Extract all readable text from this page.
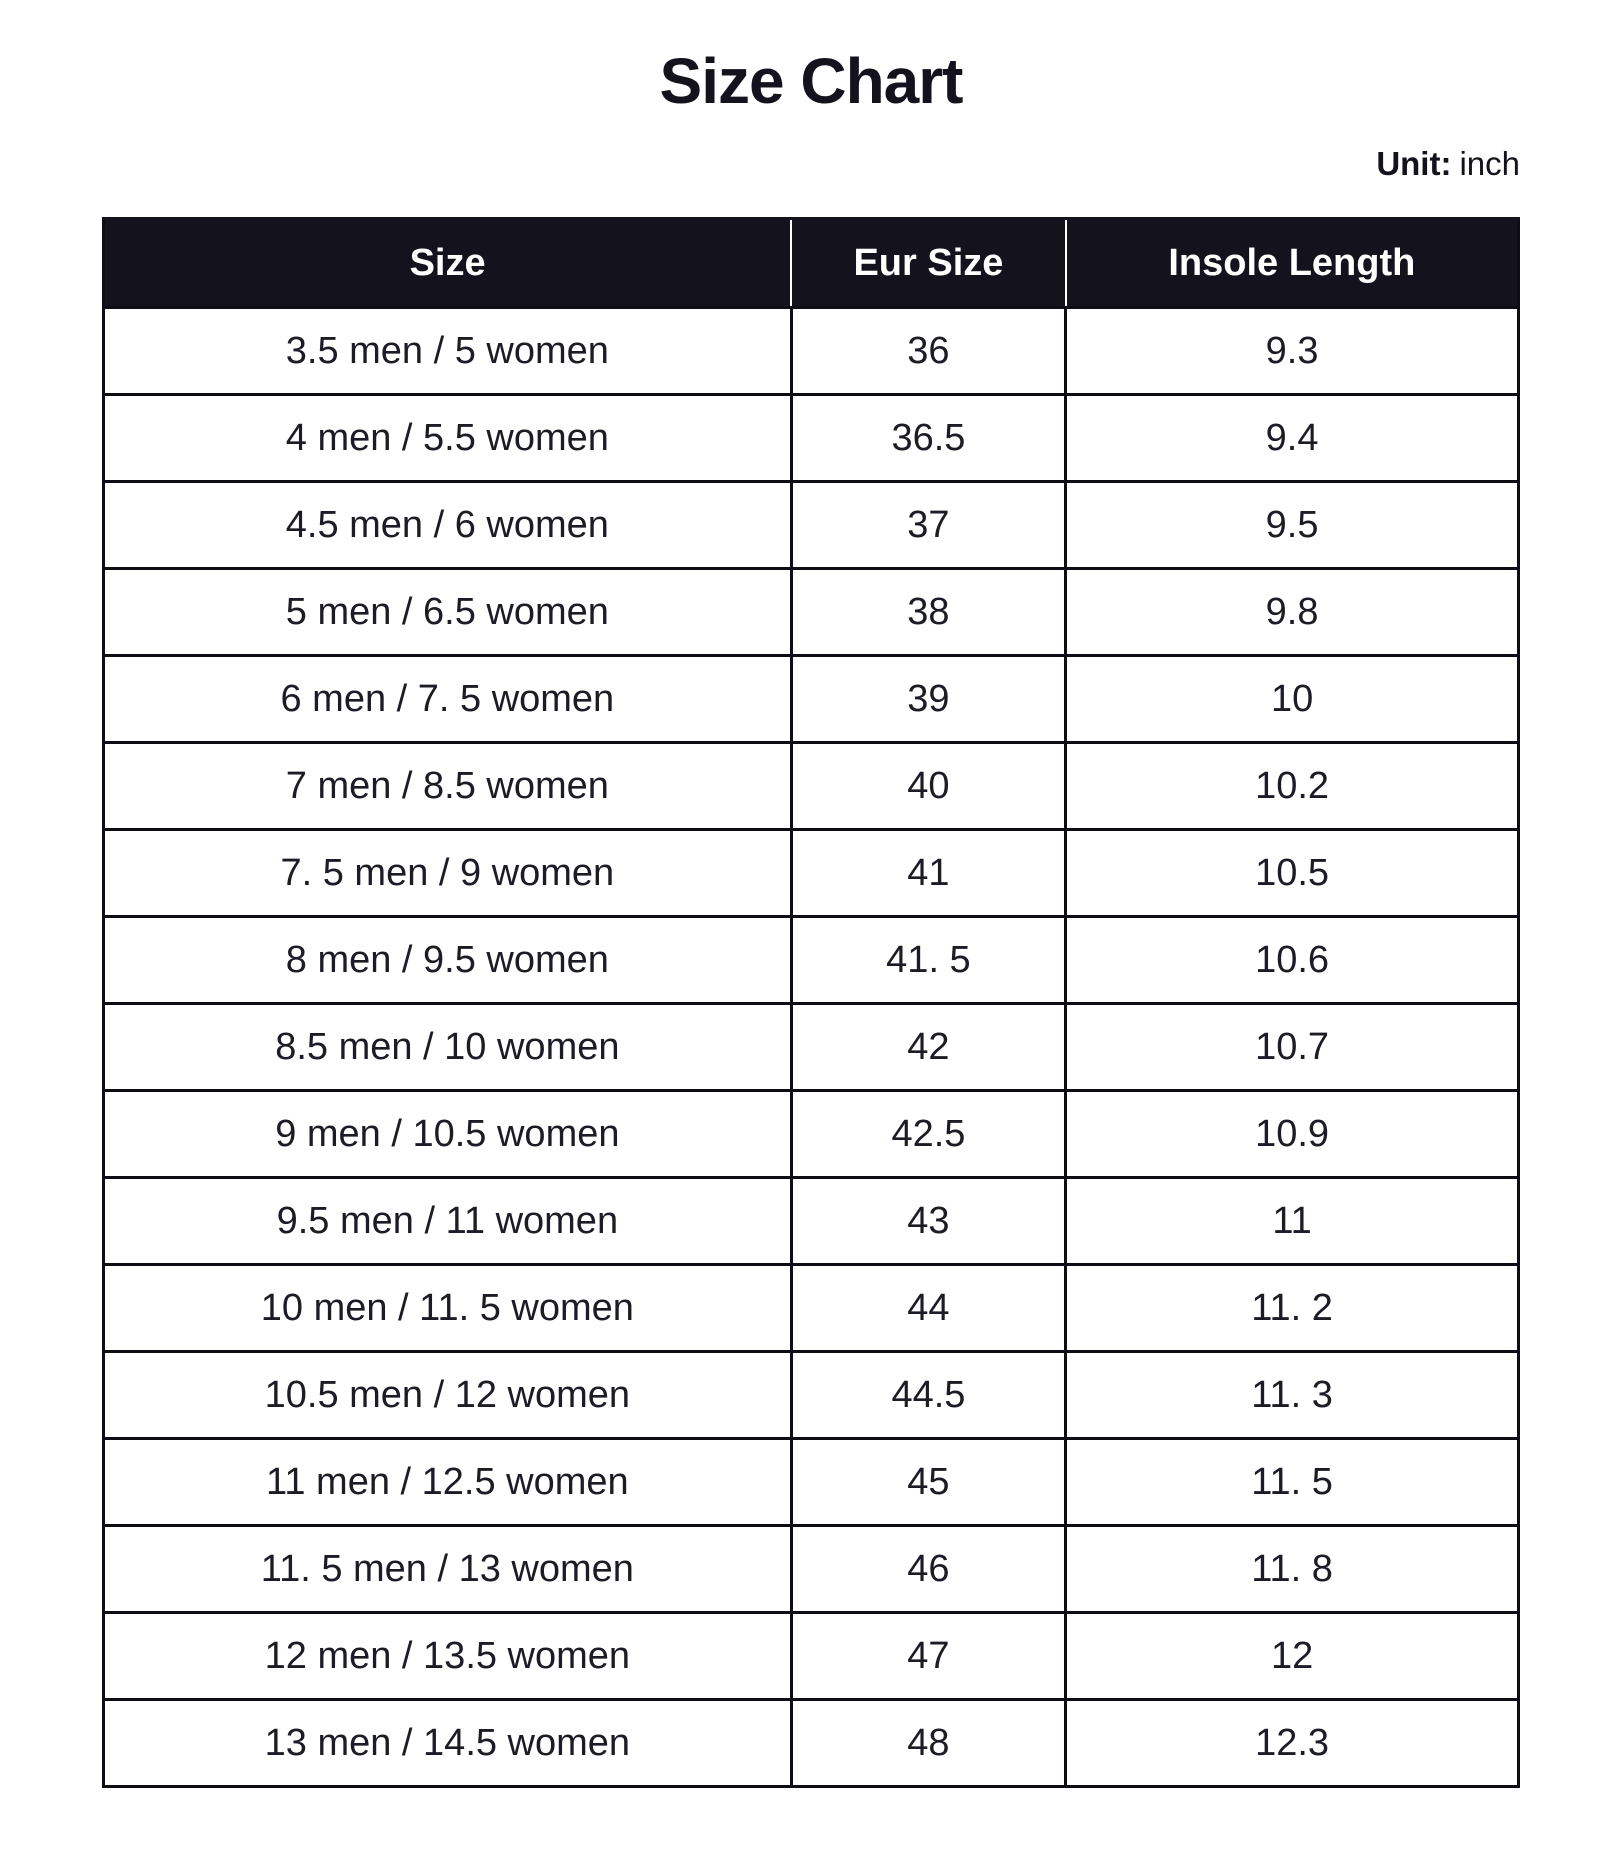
Size Chart
Unit: inch
Size	Eur Size	Insole Length
3.5 men / 5 women	36	9.3
4 men / 5.5 women	36.5	9.4
4.5 men / 6 women	37	9.5
5 men / 6.5 women	38	9.8
6 men / 7. 5 women	39	10
7 men / 8.5 women	40	10.2
7. 5 men / 9 women	41	10.5
8 men / 9.5 women	41. 5	10.6
8.5 men / 10 women	42	10.7
9 men / 10.5 women	42.5	10.9
9.5 men / 11 women	43	11
10 men / 11. 5 women	44	11. 2
10.5 men / 12 women	44.5	11. 3
11 men / 12.5 women	45	11. 5
11. 5 men / 13 women	46	11. 8
12 men / 13.5 women	47	12
13 men / 14.5 women	48	12.3
